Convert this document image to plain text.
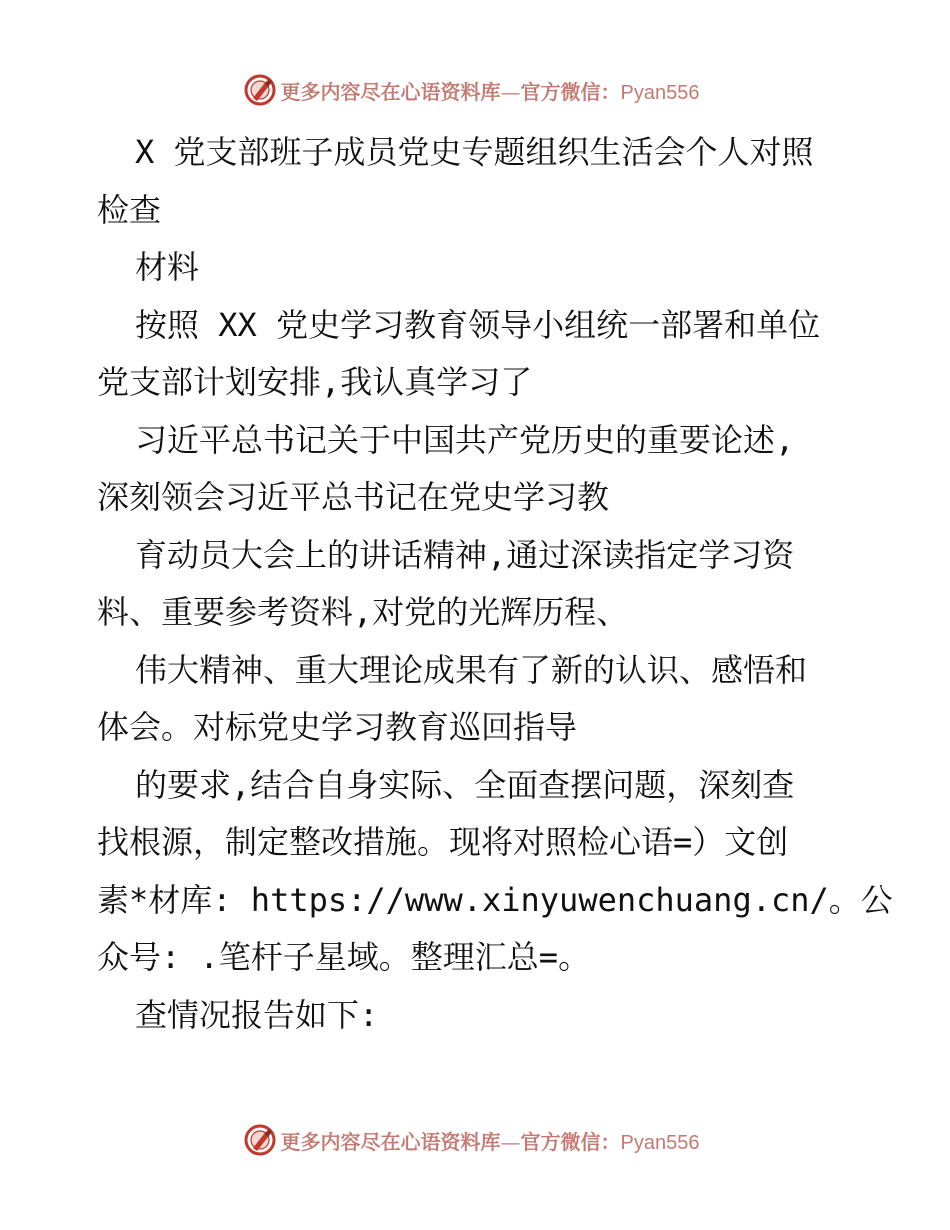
更多内容尽在心语资料库—官方微信：Pyan556
X 党支部班子成员党史专题组织生活会个人对照
检查
材料
按照 XX 党史学习教育领导小组统一部署和单位
党支部计划安排,我认真学习了
习近平总书记关于中国共产党历史的重要论述,
深刻领会习近平总书记在党史学习教
育动员大会上的讲话精神,通过深读指定学习资
料、重要参考资料,对党的光辉历程、
伟大精神、重大理论成果有了新的认识、感悟和
体会。对标党史学习教育巡回指导
的要求,结合自身实际、全面查摆问题，深刻查
找根源，制定整改措施。现将对照检心语=）文创
素*材库: https://www.xinyuwenchuang.cn/。公
众号: .笔杆子星域。整理汇总=。
查情况报告如下:
更多内容尽在心语资料库—官方微信：Pyan556
